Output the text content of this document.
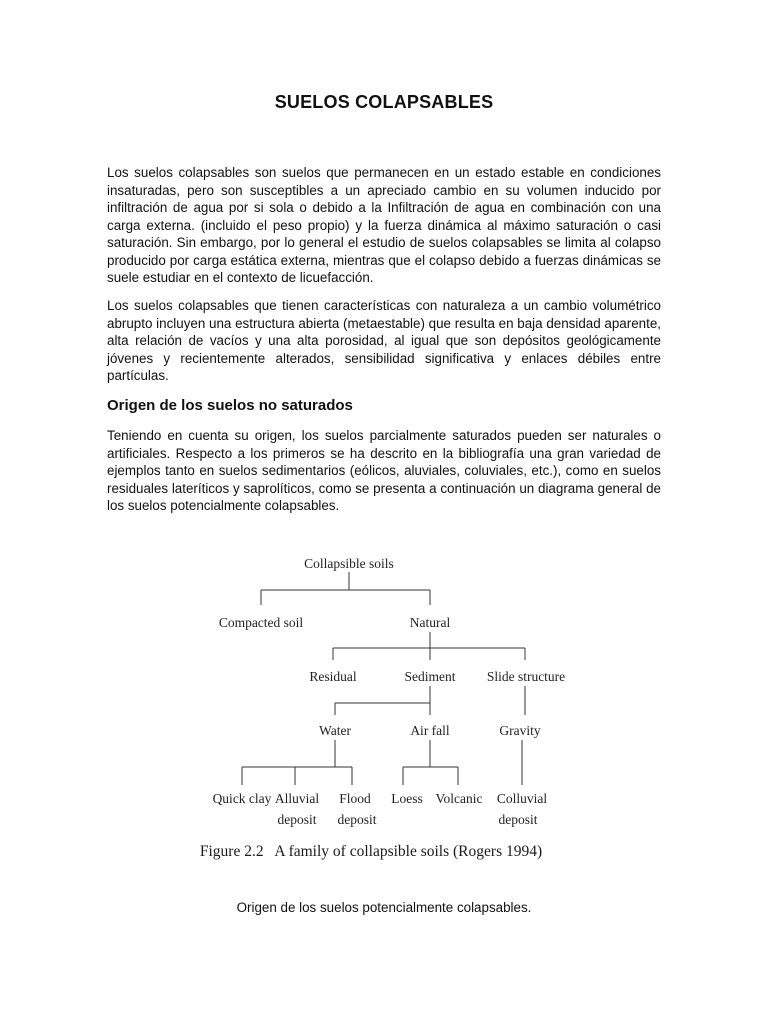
SUELOS COLAPSABLES

Los suelos colapsables son suelos que permanecen en un estado estable en condiciones insaturadas, pero son susceptibles a un apreciado cambio en su volumen inducido por infiltración de agua por si sola o debido a la Infiltración de agua en combinación con una carga externa. (incluido el peso propio) y la fuerza dinámica al máximo saturación o casi saturación. Sin embargo, por lo general el estudio de suelos colapsables se limita al colapso producido por carga estática externa, mientras que el colapso debido a fuerzas dinámicas se suele estudiar en el contexto de licuefacción.

Los suelos colapsables que tienen características con naturaleza a un cambio volumétrico abrupto incluyen una estructura abierta (metaestable) que resulta en baja densidad aparente, alta relación de vacíos y una alta porosidad, al igual que son depósitos geológicamente jóvenes y recientemente alterados, sensibilidad significativa y enlaces débiles entre partículas.

Origen de los suelos no saturados

Teniendo en cuenta su origen, los suelos parcialmente saturados pueden ser naturales o artificiales. Respecto a los primeros se ha descrito en la bibliografía una gran variedad de ejemplos tanto en suelos sedimentarios (eólicos, aluviales, coluviales, etc.), como en suelos residuales lateríticos y saprolíticos, como se presenta a continuación un diagrama general de los suelos potencialmente colapsables.

Collapsible soils
Compacted soil	Natural
Residual	Sediment Slide structure
Water	Air fall	Gravity
Quick clay Alluvial
deposit
Flood
deposit
Loess Volcanic Colluvial
deposit
Figure 2.2   A family of collapsible soils (Rogers 1994)

Origen de los suelos potencialmente colapsables.
